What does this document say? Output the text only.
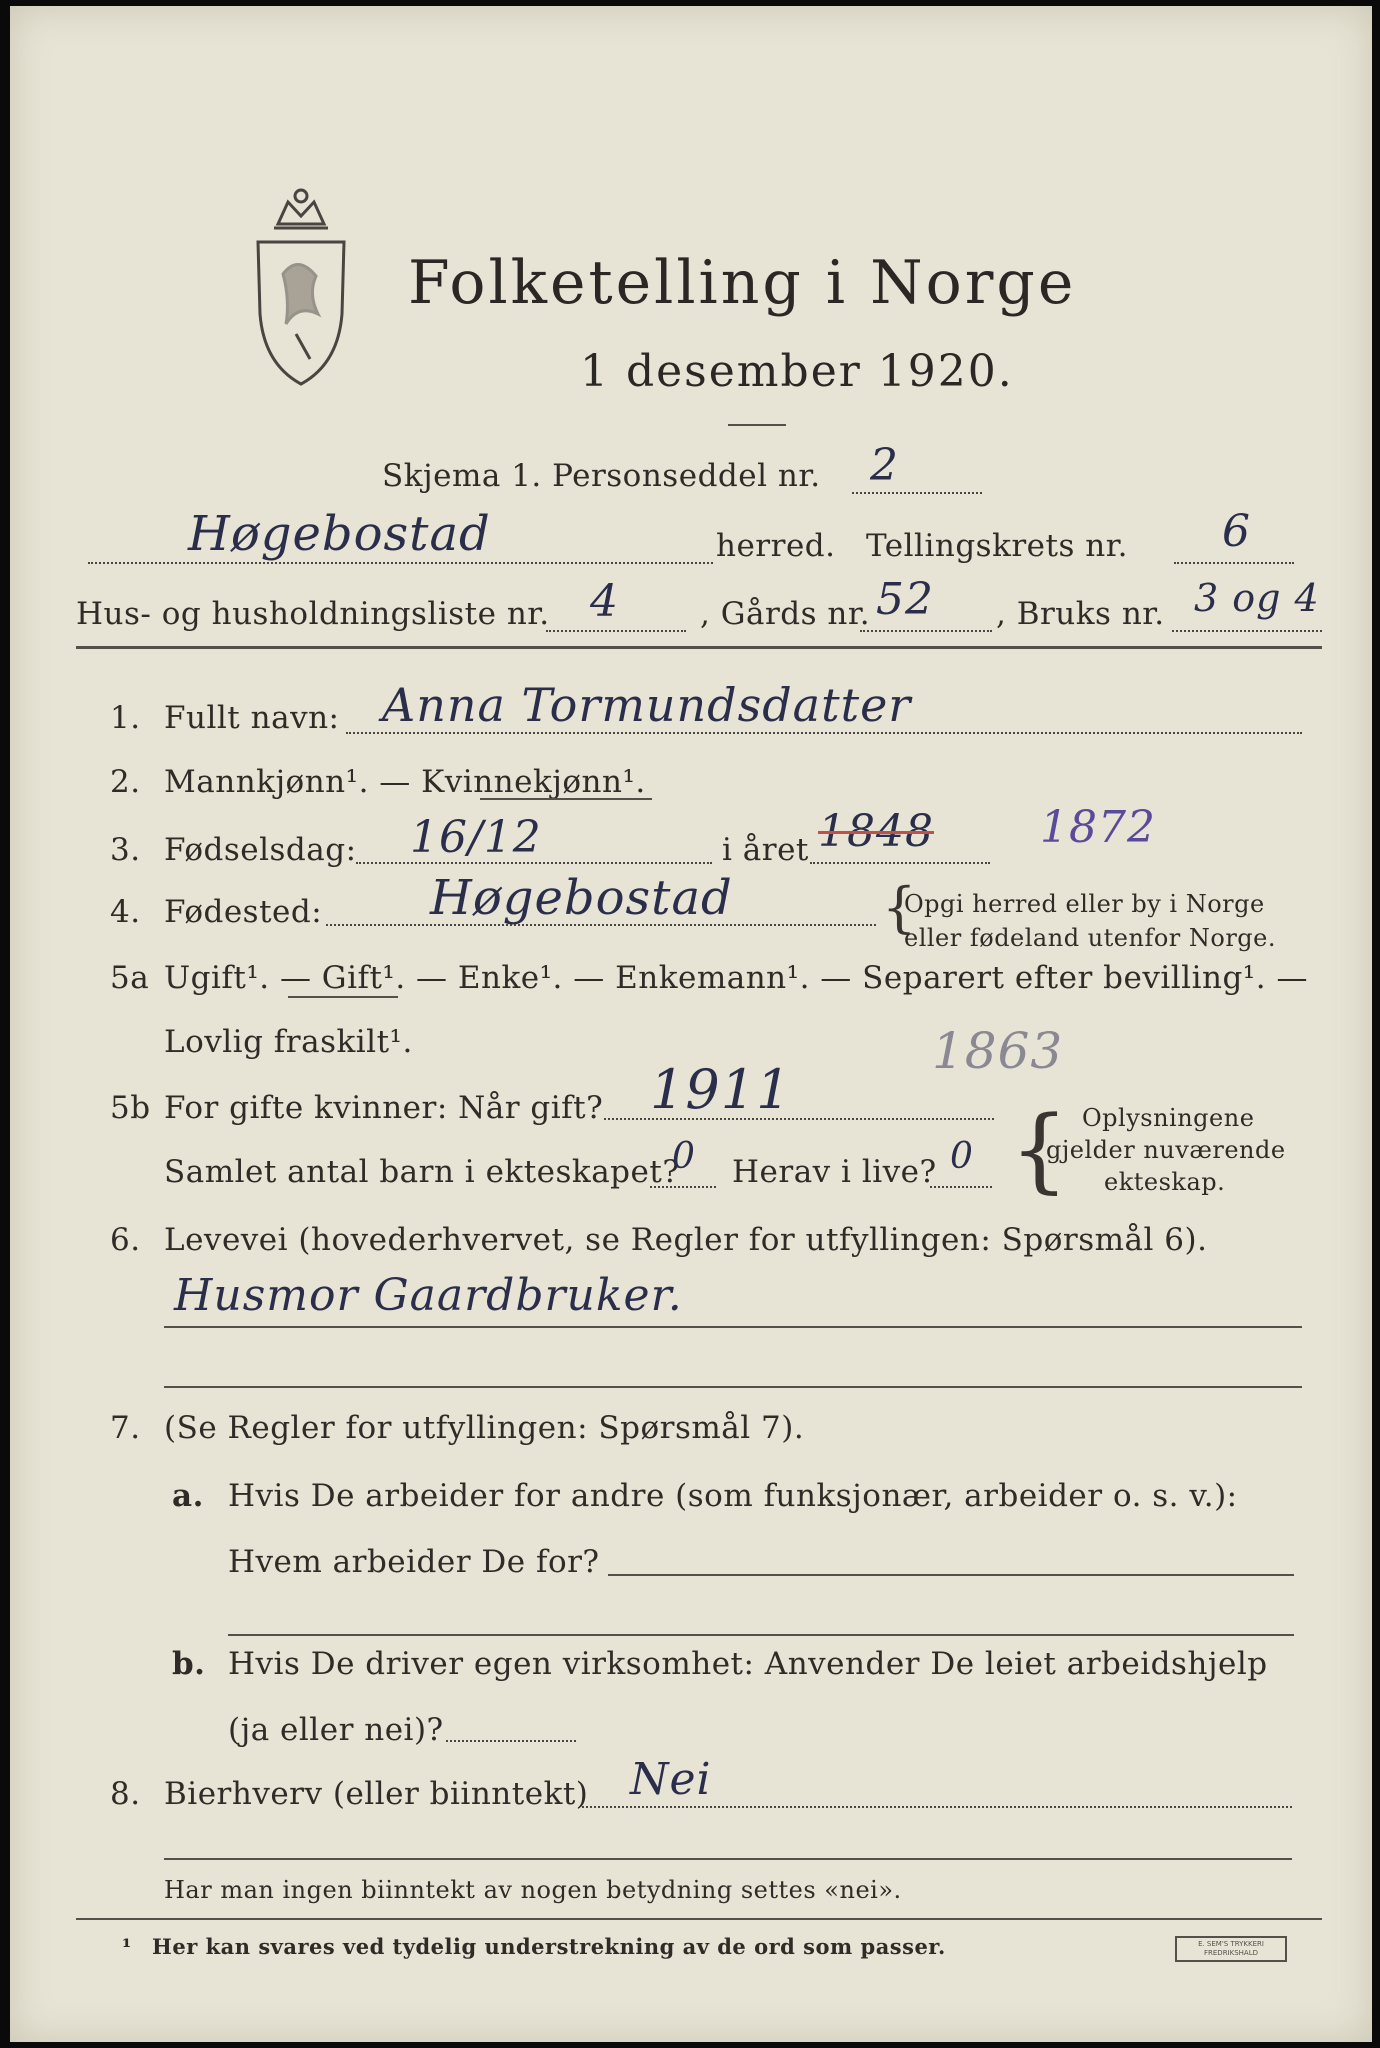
Folketelling i Norge
1 desember 1920.
Skjema 1. Personseddel nr. 2
Høgebostad	herred. Tellingskrets nr. 6
Hus- og husholdningsliste nr. 4	, Gårds nr. 52 , Bruks nr. 3 og 4
1. Fullt navn: Anna Tormundsdatter
2. Mannkjønn¹. — Kvinnekjønn¹.
3. Fødselsdag: 16/12	i året 1848 1872
4. Fødested: Høgebostad	{
Opgi herred eller by i Norge
eller fødeland utenfor Norge.
5a Ugift¹. — Gift¹. — Enke¹. — Enkemann¹. — Separert efter bevilling¹. —
Lovlig fraskilt¹.
5b For gifte kvinner: Når gift? 1911
1863
Samlet antal barn i ekteskapet?
0 Herav i live? 0 { Oplysningene
gjelder nuværende
ekteskap.
6. Levevei (hovederhvervet, se Regler for utfyllingen: Spørsmål 6).
Husmor Gaardbruker.
7. (Se Regler for utfyllingen: Spørsmål 7).
a. Hvis De arbeider for andre (som funksjonær, arbeider o. s. v.):
Hvem arbeider De for?
b. Hvis De driver egen virksomhet: Anvender De leiet arbeidshjelp
(ja eller nei)?
8. Bierhverv (eller biinntekt) Nei
Har man ingen biinntekt av nogen betydning settes «nei».
¹ Her kan svares ved tydelig understrekning av de ord som passer.	E. SEM'S TRYKKERI FREDRIKSHALD
